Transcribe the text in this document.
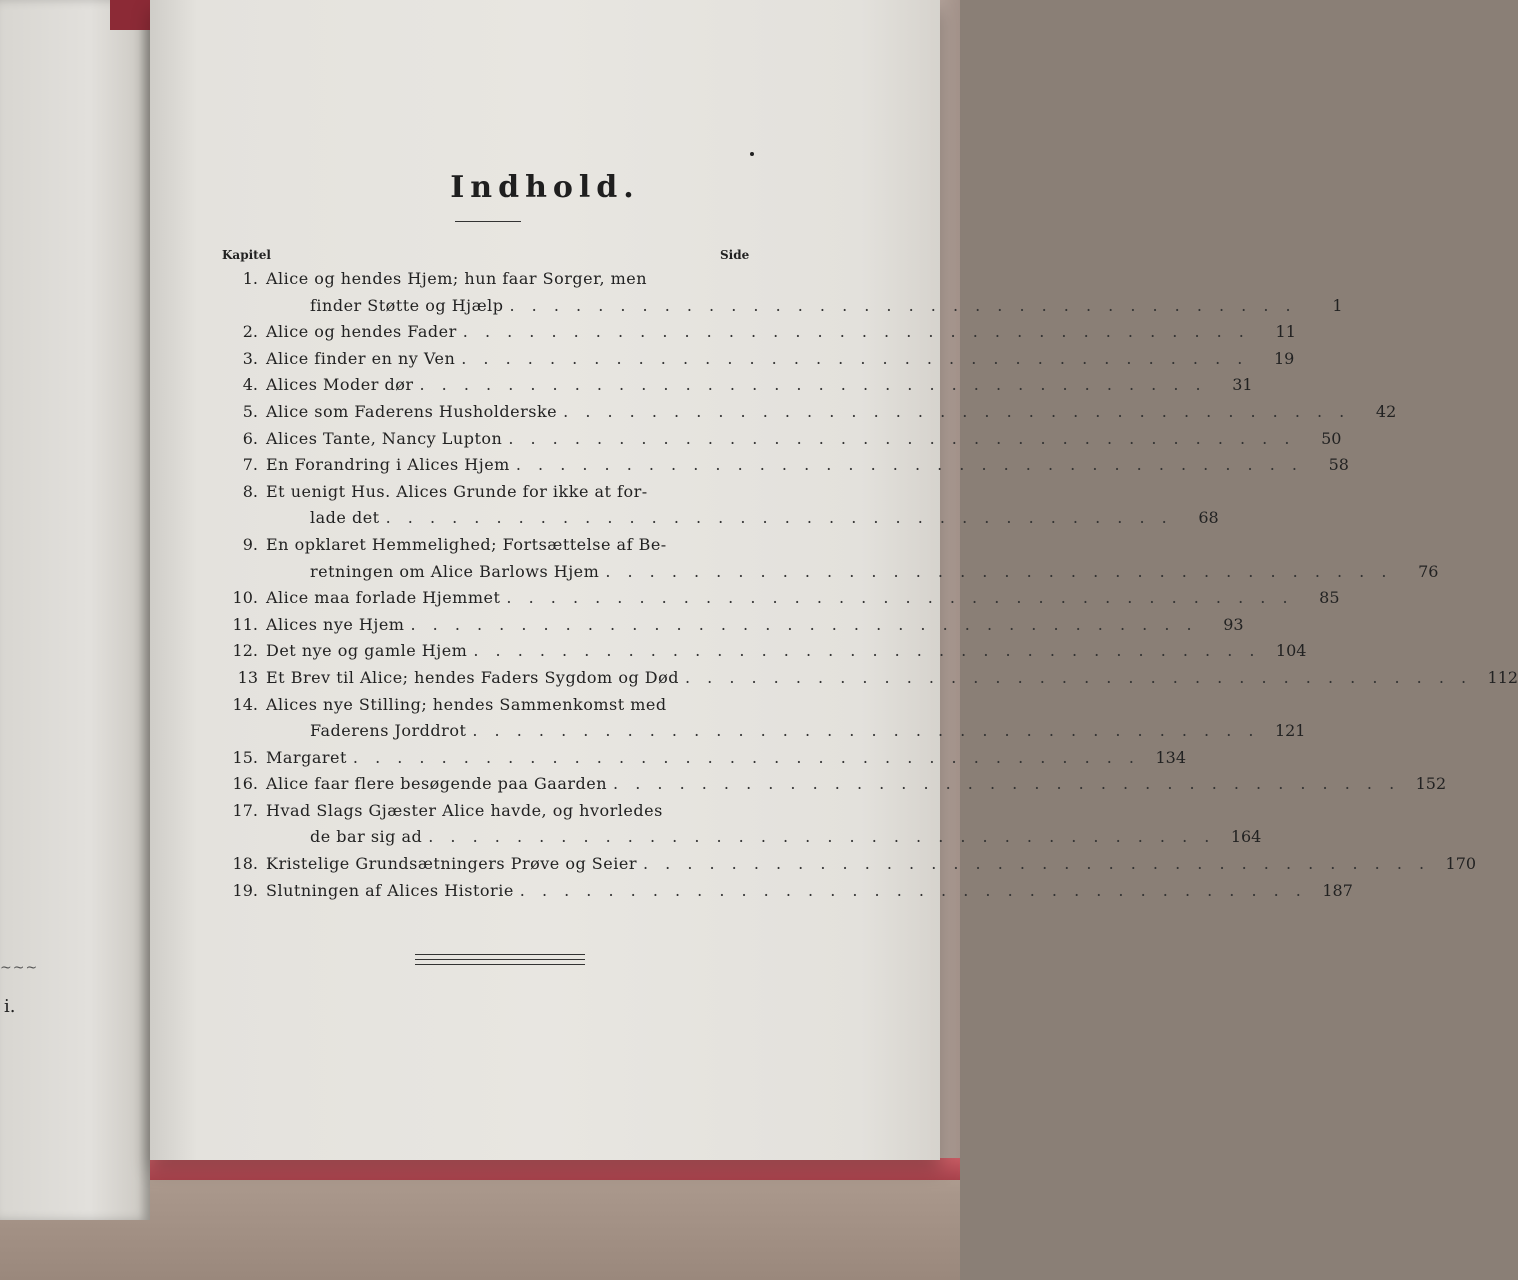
~~~
i.
Indhold.
Kapitel	Side
1. Alice og hendes Hjem; hun faar Sorger, men
finder Støtte og Hjælp . . . . . . . . . . . . . . . . . . . . . . . . . . . . . . . . . . . .	1
2. Alice og hendes Fader . . . . . . . . . . . . . . . . . . . . . . . . . . . . . . . . . . . .	11
3. Alice finder en ny Ven . . . . . . . . . . . . . . . . . . . . . . . . . . . . . . . . . . . .	19
4. Alices Moder dør . . . . . . . . . . . . . . . . . . . . . . . . . . . . . . . . . . . .	31
5. Alice som Faderens Husholderske . . . . . . . . . . . . . . . . . . . . . . . . . . . . . . . . . . . .	42
6. Alices Tante, Nancy Lupton . . . . . . . . . . . . . . . . . . . . . . . . . . . . . . . . . . . .	50
7. En Forandring i Alices Hjem . . . . . . . . . . . . . . . . . . . . . . . . . . . . . . . . . . . .	58
8. Et uenigt Hus. Alices Grunde for ikke at for-
lade det . . . . . . . . . . . . . . . . . . . . . . . . . . . . . . . . . . . .	68
9. En opklaret Hemmelighed; Fortsættelse af Be-
retningen om Alice Barlows Hjem . . . . . . . . . . . . . . . . . . . . . . . . . . . . . . . . . . . .	76
10. Alice maa forlade Hjemmet . . . . . . . . . . . . . . . . . . . . . . . . . . . . . . . . . . . .	85
11. Alices nye Hjem . . . . . . . . . . . . . . . . . . . . . . . . . . . . . . . . . . . .	93
12. Det nye og gamle Hjem . . . . . . . . . . . . . . . . . . . . . . . . . . . . . . . . . . . . 104
13 Et Brev til Alice; hendes Faders Sygdom og Død . . . . . . . . . . . . . . . . . . . . . . . . . . . . . . . . . . . . 112
14. Alices nye Stilling; hendes Sammenkomst med
Faderens Jorddrot . . . . . . . . . . . . . . . . . . . . . . . . . . . . . . . . . . . . 121
15. Margaret . . . . . . . . . . . . . . . . . . . . . . . . . . . . . . . . . . . . 134
16. Alice faar flere besøgende paa Gaarden . . . . . . . . . . . . . . . . . . . . . . . . . . . . . . . . . . . . 152
17. Hvad Slags Gjæster Alice havde, og hvorledes
de bar sig ad . . . . . . . . . . . . . . . . . . . . . . . . . . . . . . . . . . . . 164
18. Kristelige Grundsætningers Prøve og Seier . . . . . . . . . . . . . . . . . . . . . . . . . . . . . . . . . . . . 170
19. Slutningen af Alices Historie . . . . . . . . . . . . . . . . . . . . . . . . . . . . . . . . . . . . 187
